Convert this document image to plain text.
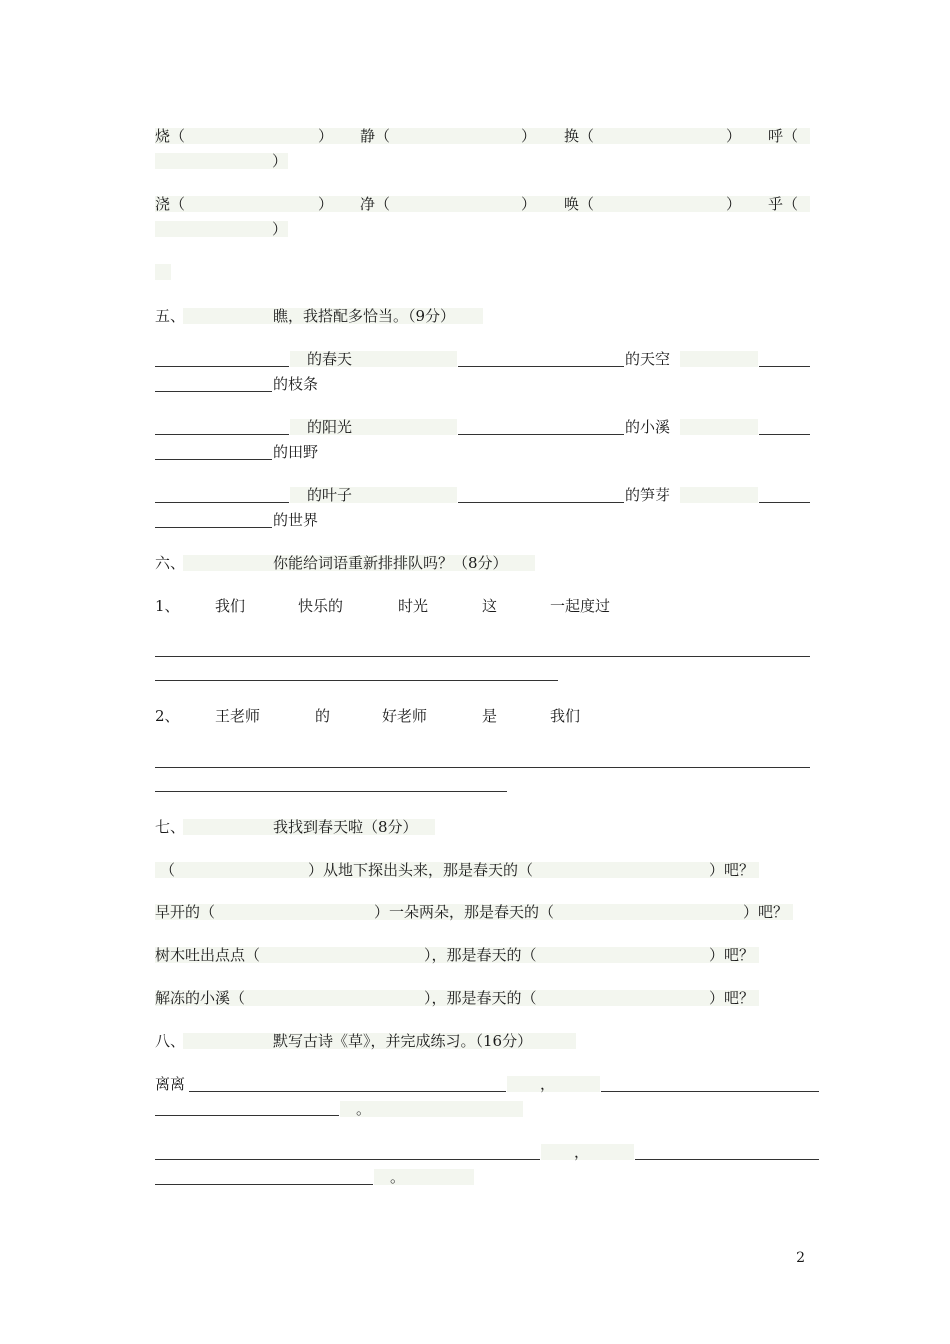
烧（	） 静（	） 换（	） 呼（
）
浇（	） 净（	） 唤（	） 乎（
）
五、	瞧，我搭配多恰当。（9分）
的春天	的天空
的枝条
的阳光	的小溪
的田野
的叶子	的笋芽
的世界
六、	你能给词语重新排排队吗？（8分）
1、 我们	快乐的	时光	这	一起度过
2、 王老师	的	好老师	是	我们
七、	我找到春天啦（8分）
（	）从地下探出头来，那是春天的（	）吧？
早开的（	）一朵两朵，那是春天的（	）吧？
树木吐出点点（	），那是春天的（	）吧？
解冻的小溪（	），那是春天的（	）吧？
八、	默写古诗《草》，并完成练习。（16分）
离离	，
。
，
。
2
